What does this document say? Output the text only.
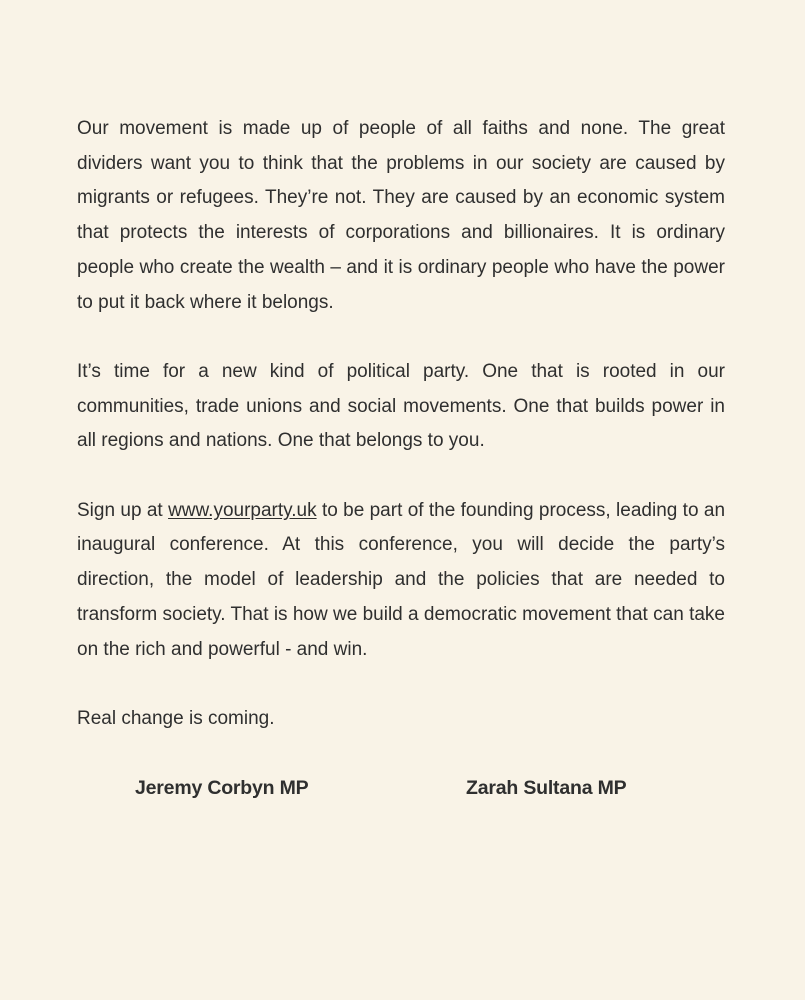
Our movement is made up of people of all faiths and none. The great dividers want you to think that the problems in our society are caused by migrants or refugees. They’re not. They are caused by an economic system that protects the interests of corporations and billionaires. It is ordinary people who create the wealth – and it is ordinary people who have the power to put it back where it belongs.

It’s time for a new kind of political party. One that is rooted in our communities, trade unions and social movements. One that builds power in all regions and nations. One that belongs to you.

Sign up at www.yourparty.uk to be part of the founding process, leading to an inaugural conference. At this conference, you will decide the party’s direction, the model of leadership and the policies that are needed to transform society. That is how we build a democratic movement that can take on the rich and powerful - and win.

Real change is coming.

Jeremy Corbyn MP	Zarah Sultana MP
